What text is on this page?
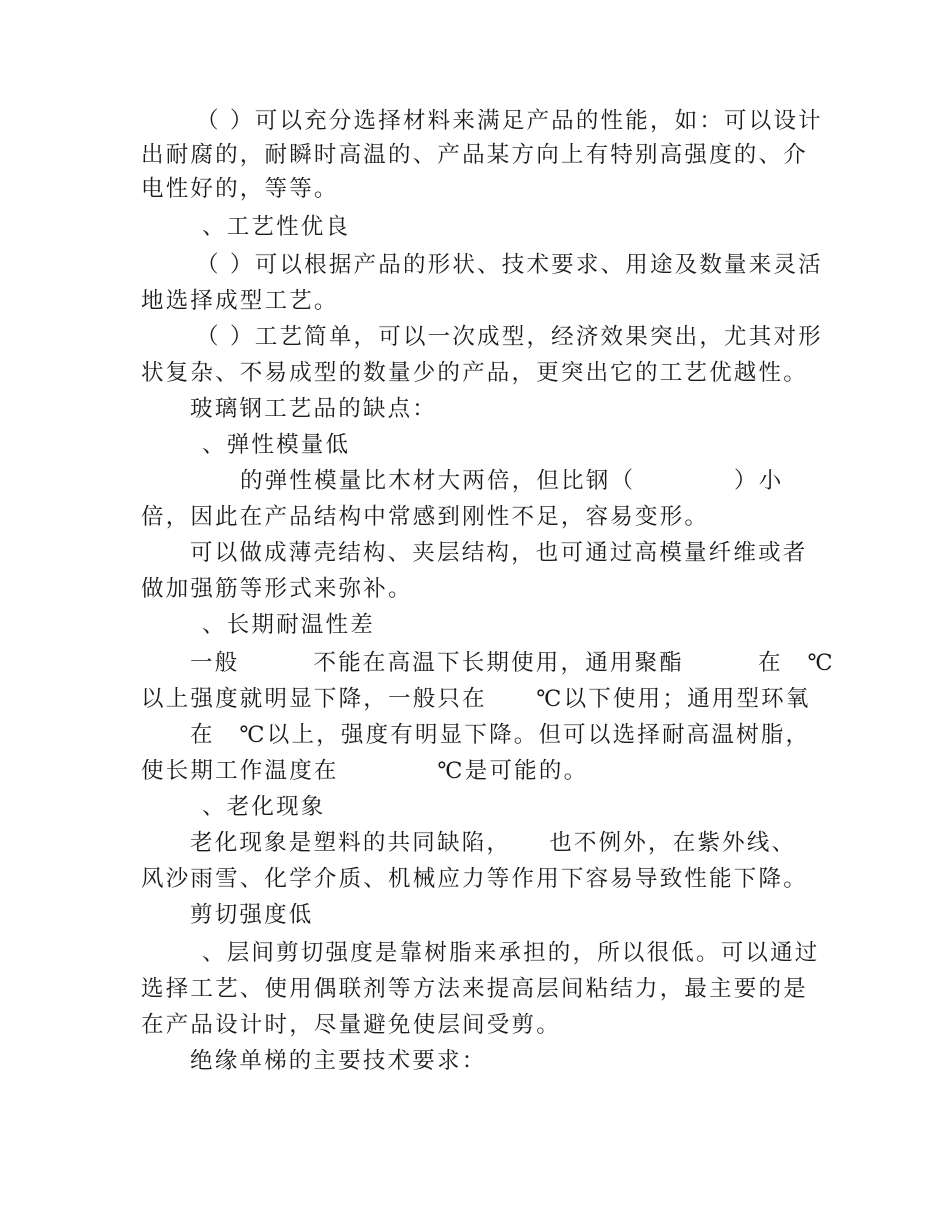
（ ）可以充分选择材料来满足产品的性能，如：可以设计
出耐腐的，耐瞬时高温的、产品某方向上有特别高强度的、介
电性好的，等等。
、工艺性优良
（ ）可以根据产品的形状、技术要求、用途及数量来灵活
地选择成型工艺。
（ ）工艺简单，可以一次成型，经济效果突出，尤其对形
状复杂、不易成型的数量少的产品，更突出它的工艺优越性。
玻璃钢工艺品的缺点：
、弹性模量低
的弹性模量比木材大两倍，但比钢（　　　　）小
倍，因此在产品结构中常感到刚性不足，容易变形。
可以做成薄壳结构、夹层结构，也可通过高模量纤维或者
做加强筋等形式来弥补。
、长期耐温性差
一般　　　不能在高温下长期使用，通用聚酯　　　在　℃
以上强度就明显下降，一般只在　　℃以下使用；通用型环氧
在　℃以上，强度有明显下降。但可以选择耐高温树脂，
使长期工作温度在　　　　℃是可能的。
、老化现象
老化现象是塑料的共同缺陷，　　也不例外，在紫外线、
风沙雨雪、化学介质、机械应力等作用下容易导致性能下降。
剪切强度低
、层间剪切强度是靠树脂来承担的，所以很低。可以通过
选择工艺、使用偶联剂等方法来提高层间粘结力，最主要的是
在产品设计时，尽量避免使层间受剪。
绝缘单梯的主要技术要求：
